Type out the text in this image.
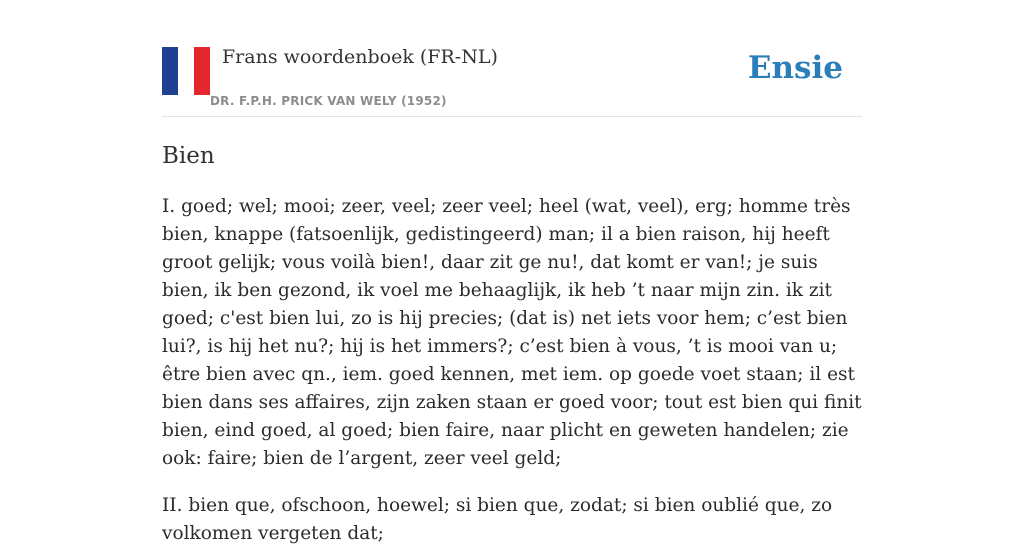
Frans woordenboek (FR-NL)
DR. F.P.H. PRICK VAN WELY (1952)
Ensie
Bien

I. goed; wel; mooi; zeer, veel; zeer veel; heel (wat, veel), erg; homme très bien, knappe (fatsoenlijk, gedistingeerd) man; il a bien raison, hij heeft groot gelijk; vous voilà bien!, daar zit ge nu!, dat komt er van!; je suis bien, ik ben gezond, ik voel me behaaglijk, ik heb ’t naar mijn zin. ik zit goed; c'est bien lui, zo is hij precies; (dat is) net iets voor hem; c’est bien lui?, is hij het nu?; hij is het immers?; c’est bien à vous, ’t is mooi van u; être bien avec qn., iem. goed kennen, met iem. op goede voet staan; il est bien dans ses affaires, zijn zaken staan er goed voor; tout est bien qui finit bien, eind goed, al goed; bien faire, naar plicht en geweten handelen; zie ook: faire; bien de l’argent, zeer veel geld;

II. bien que, ofschoon, hoewel; si bien que, zodat; si bien oublié que, zo volkomen vergeten dat;
